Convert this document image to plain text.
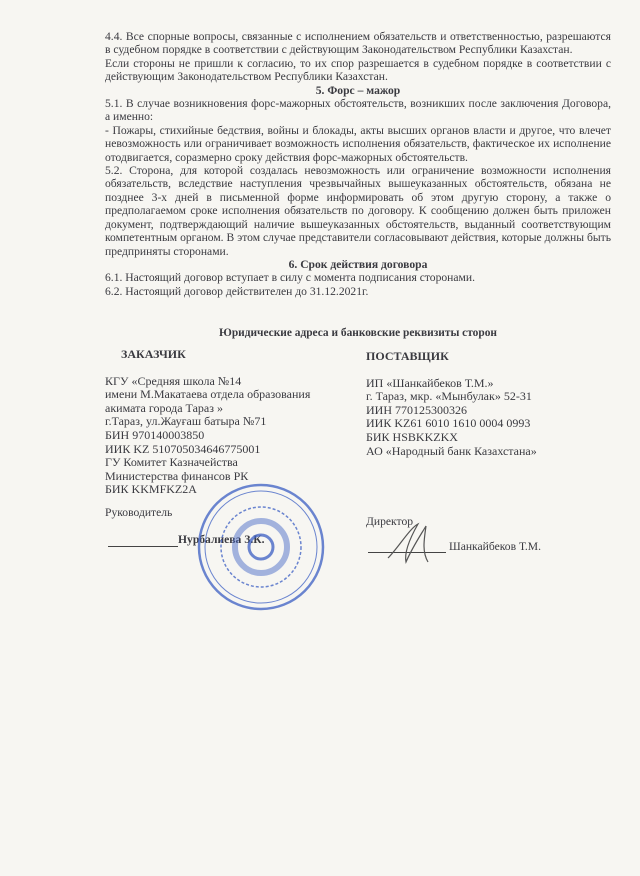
4.4. Все спорные вопросы, связанные с исполнением обязательств и ответственностью, разрешаются в судебном порядке в соответствии с действующим Законодательством Республики Казахстан.

Если стороны не пришли к согласию, то их спор разрешается в судебном порядке в соответствии с действующим Законодательством Республики Казахстан.

5. Форс – мажор

5.1. В случае возникновения форс-мажорных обстоятельств, возникших после заключения Договора, а именно:

- Пожары, стихийные бедствия, войны и блокады, акты высших органов власти и другое, что влечет невозможность или ограничивает возможность исполнения обязательств, фактическое их исполнение отодвигается, соразмерно сроку действия форс-мажорных обстоятельств.

5.2. Сторона, для которой создалась невозможность или ограничение возможности исполнения обязательств, вследствие наступления чрезвычайных вышеуказанных обстоятельств, обязана не позднее 3-х дней в письменной форме информировать об этом другую сторону, а также о предполагаемом сроке исполнения обязательств по договору. К сообщению должен быть приложен документ, подтверждающий наличие вышеуказанных обстоятельств, выданный соответствующим компетентным органом. В этом случае представители согласовывают действия, которые должны быть предприняты сторонами.

6. Срок действия договора

6.1. Настоящий договор вступает в силу с момента подписания сторонами.

6.2. Настоящий договор действителен до 31.12.2021г.

Юридические адреса и банковские реквизиты сторон
ЗАКАЗЧИК
КГУ «Средняя школа №14
имени М.Макатаева отдела образования
акимата города Тараз »
г.Тараз, ул.Жауғаш батыра №71
БИН 970140003850
ИИК KZ 510705034646775001
ГУ Комитет Казначейства
Министерства финансов РК
БИК KKMFKZ2A
Руководитель
Нурбалиева З.К.
ПОСТАВЩИК
ИП «Шанкайбеков Т.М.»
г. Тараз, мкр. «Мынбулак» 52-31
ИИН 770125300326
ИИК KZ61 6010 1610 0004 0993
БИК HSBKKZKX
АО «Народный банк Казахстана»
Директор
Шанкайбеков Т.М.
